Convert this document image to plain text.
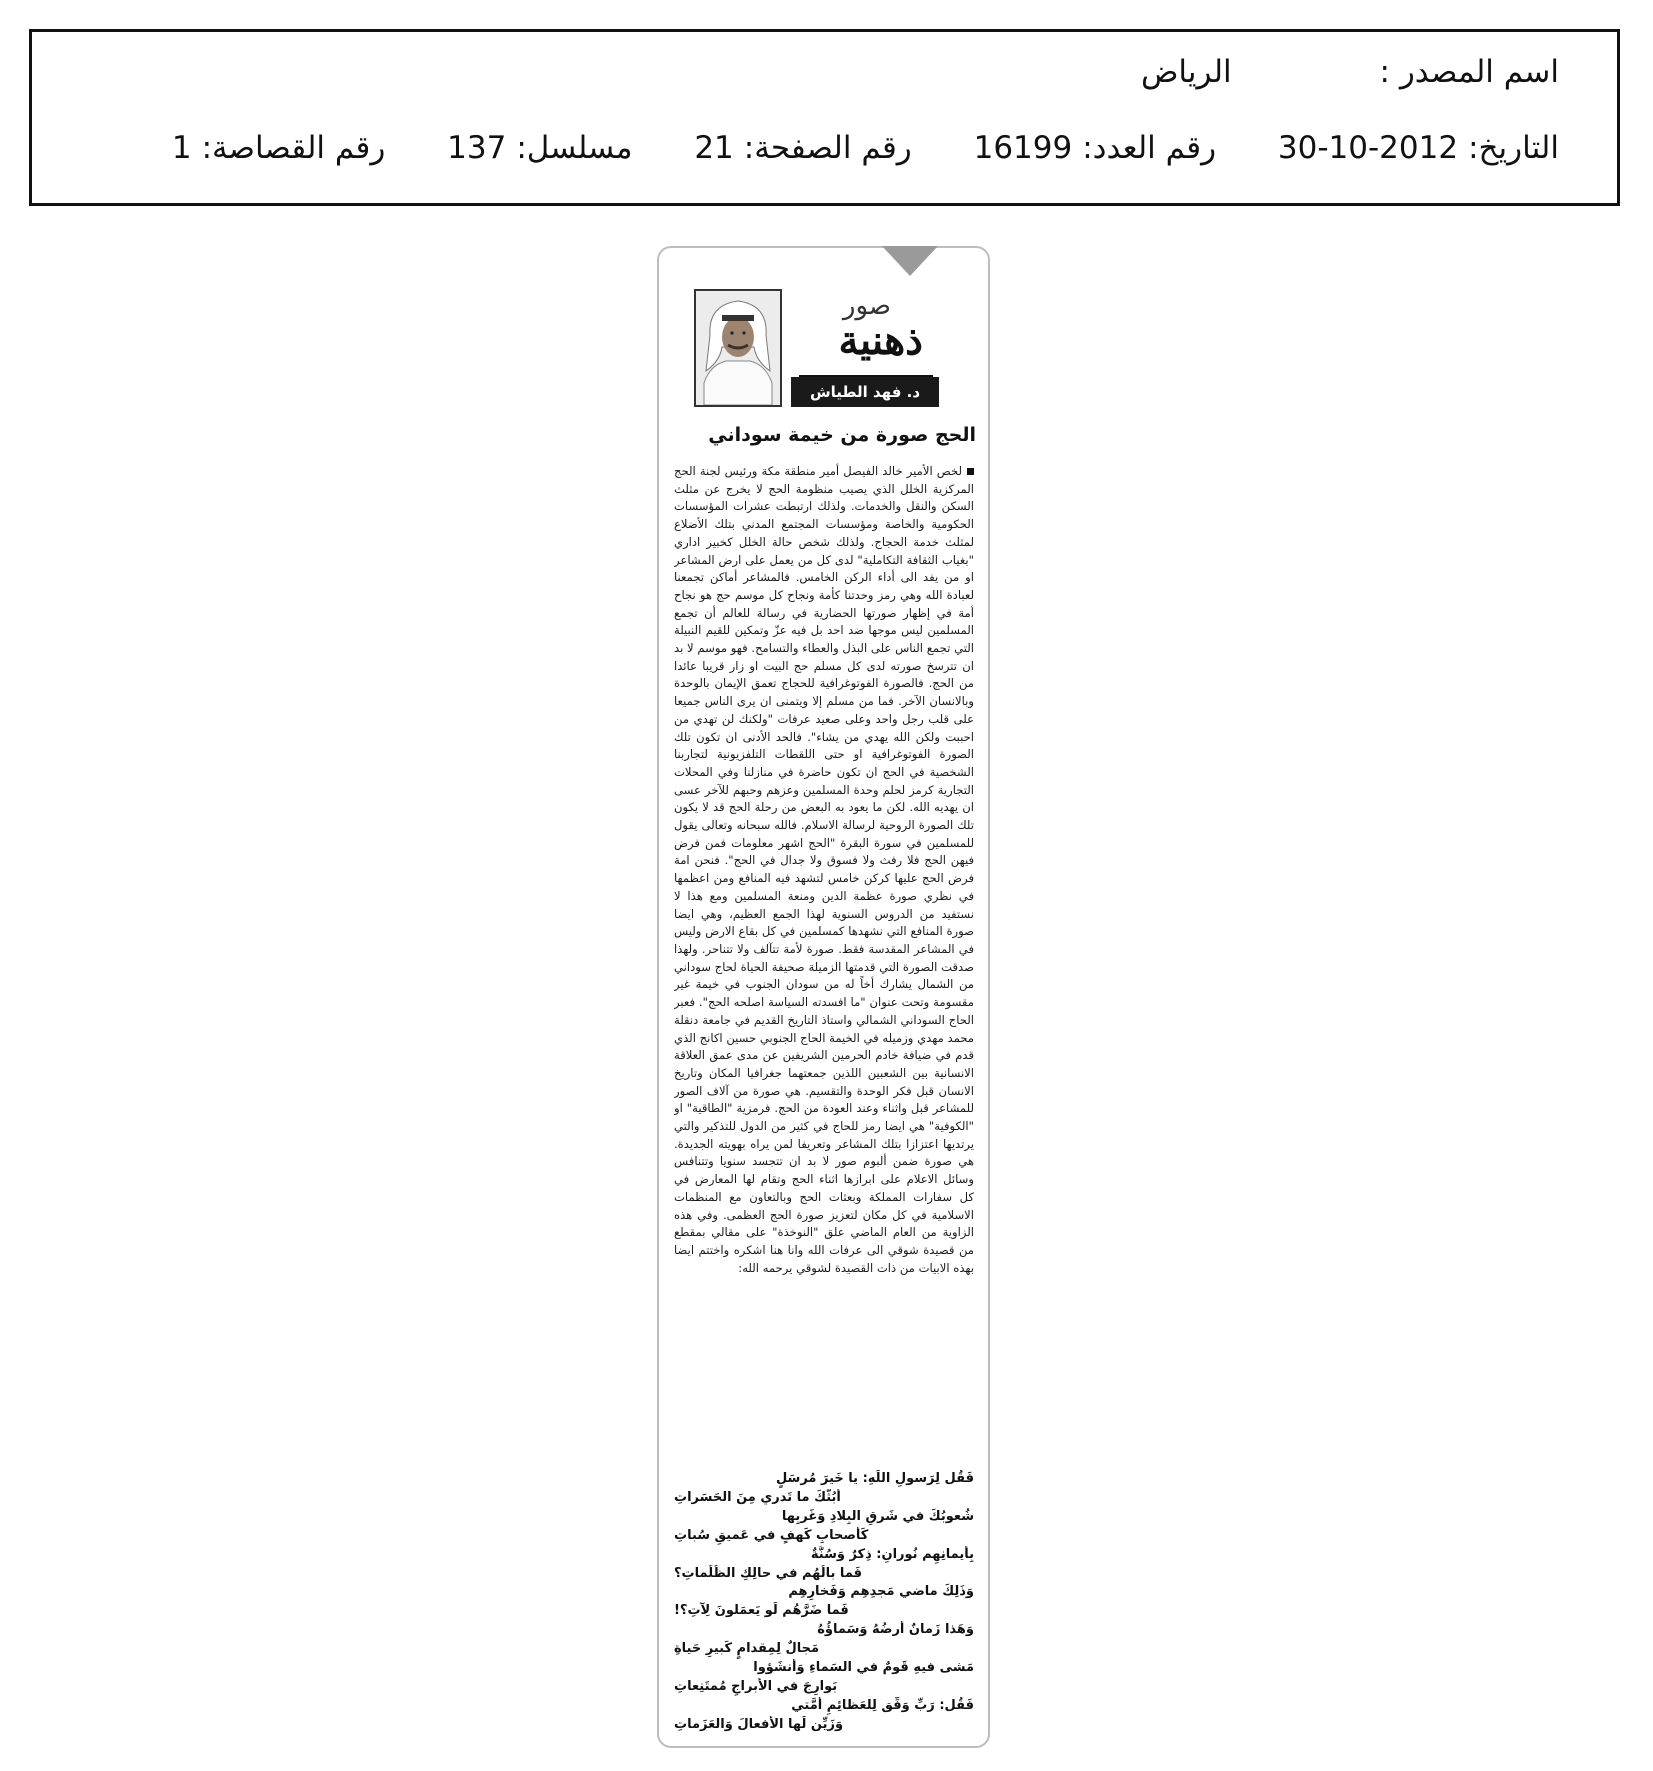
اسم المصدر : الرياض
التاريخ:30-10-2012 رقم العدد:16199 رقم الصفحة:21 مسلسل:137 رقم القصاصة:1
صور
ذهنية
د. فهد الطياش
الحج صورة من خيمة سوداني
لخص الأمير خالد الفيصل أمير منطقة مكة ورئيس لجنة الحج المركزية الخلل الذي يصيب منظومة الحج لا يخرج عن مثلث السكن والنقل والخدمات. ولذلك ارتبطت عشرات المؤسسات الحكومية والخاصة ومؤسسات المجتمع المدني بتلك الأضلاع لمثلث خدمة الحجاج. ولذلك شخص حالة الخلل كخبير اداري "بغياب الثقافة التكاملية" لدى كل من يعمل على ارض المشاعر او من يفد الى أداء الركن الخامس. فالمشاعر أماكن تجمعنا لعبادة الله وهي رمز وحدتنا كأمة ونجاح كل موسم حج هو نجاح أمة في إظهار صورتها الحضارية في رسالة للعالم أن تجمع المسلمين ليس موجها ضد احد بل فيه عزّ وتمكين للقيم النبيلة التي تجمع الناس على البذل والعطاء والتسامح. فهو موسم لا بد ان تترسخ صورته لدى كل مسلم حج البيت او زار قريبا عائدا من الحج. فالصورة الفوتوغرافية للحجاج تعمق الإيمان بالوحدة وبالانسان الآخر. فما من مسلم إلا ويتمنى ان يرى الناس جميعا على قلب رجل واحد وعلى صعيد عرفات "ولكنك لن تهدي من احببت ولكن الله يهدي من يشاء". فالحد الأدنى ان تكون تلك الصورة الفوتوغرافية او حتى اللقطات التلفزيونية لتجاربنا الشخصية في الحج ان تكون حاضرة في منازلنا وفي المحلات التجارية كرمز لحلم وحدة المسلمين وعزهم وحبهم للآخر عسى ان يهديه الله. لكن ما يعود به البعض من رحلة الحج قد لا يكون تلك الصورة الروحية لرسالة الاسلام. فالله سبحانه وتعالى يقول للمسلمين في سورة البقرة "الحج اشهر معلومات فمن فرض فيهن الحج فلا رفث ولا فسوق ولا جدال في الحج". فنحن امة فرض الحج عليها كركن خامس لتشهد فيه المنافع ومن اعظمها في نظري صورة عظمة الدين ومنعة المسلمين ومع هذا لا نستفيد من الدروس السنوية لهذا الجمع العظيم، وهي ايضا صورة المنافع التي نشهدها كمسلمين في كل بقاع الارض وليس في المشاعر المقدسة فقط. صورة لأمة تتآلف ولا تتناحر. ولهذا صدقت الصورة التي قدمتها الزميلة صحيفة الحياة لحاج سوداني من الشمال يشارك أخاً له من سودان الجنوب في خيمة غير مقسومة وتحت عنوان "ما افسدته السياسة اصلحه الحج". فعبر الحاج السوداني الشمالي واستاذ التاريخ القديم في جامعة دنقلة محمد مهدي وزميله في الخيمة الحاج الجنوبي حسين اكانج الذي قدم في ضيافة خادم الحرمين الشريفين عن مدى عمق العلاقة الانسانية بين الشعبين اللذين جمعتهما جغرافيا المكان وتاريخ الانسان قبل فكر الوحدة والتقسيم. هي صورة من آلاف الصور للمشاعر قبل واثناء وعند العودة من الحج. فرمزية "الطاقية" او "الكوفية" هي ايضا رمز للحاج في كثير من الدول للتذكير والتي يرتديها اعتزازا بتلك المشاعر وتعريفا لمن يراه بهويته الجديدة. هي صورة ضمن ألبوم صور لا بد ان تتجسد سنويا وتتنافس وسائل الاعلام على ابرازها اثناء الحج وتقام لها المعارض في كل سفارات المملكة وبعثات الحج وبالتعاون مع المنظمات الاسلامية في كل مكان لتعزيز صورة الحج العظمى. وفي هذه الزاوية من العام الماضي علق "النوخذة" على مقالي بمقطع من قصيدة شوقي الى عرفات الله وانا هنا اشكره واختتم ايضا بهذه الابيات من ذات القصيدة لشوقي يرحمه الله:
فَقُل لِرَسولِ اللَهِ: يا خَيرَ مُرسَلٍ
أَبُثُّكَ ما تَدري مِنَ الحَسَراتِ
شُعوبُكَ في شَرقِ البِلادِ وَغَربِها
كَأَصحابِ كَهفٍ في عَميقِ سُباتِ
بِأَيمانِهِم نُورانِ: ذِكرٌ وَسُنَّةٌ
فَما بالُهُم في حالِكِ الظُلُماتِ؟
وَذَلِكَ ماضي مَجدِهِم وَفَخارِهِم
فَما ضَرَّهُم لَو يَعمَلونَ لِآتِ؟!
وَهَذا زَمانٌ أَرضُهُ وَسَماؤُهُ
مَجالٌ لِمِقدامٍ كَبيرِ حَياةِ
مَشى فيهِ قَومٌ في السَماءِ وَأَنشَؤوا
بَوارِجَ في الأَبراجِ مُمتَنِعاتِ
فَقُل: رَبِّ وَفِّق لِلعَظائِمِ أُمَّتي
وَزَيِّن لَها الأَفعالَ وَالعَزَماتِ
